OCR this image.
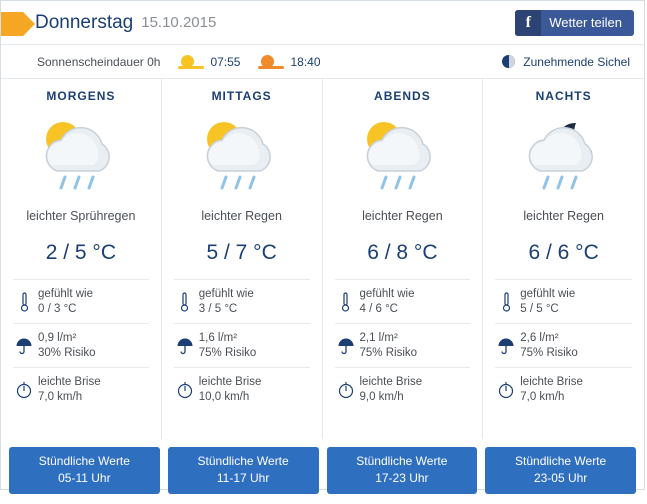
Donnerstag 15.10.2015	f	Wetter teilen
Sonnenscheindauer 0h	07:55	18:40	Zunehmende Sichel
MORGENS
leichter Sprühregen
2 / 5 °C
gefühlt wie
0 / 3 °C
0,9 l/m²
30% Risiko
leichte Brise
7,0 km/h
MITTAGS
leichter Regen
5 / 7 °C
gefühlt wie
3 / 5 °C
1,6 l/m²
75% Risiko
leichte Brise
10,0 km/h
ABENDS
leichter Regen
6 / 8 °C
gefühlt wie
4 / 6 °C
2,1 l/m²
75% Risiko
leichte Brise
9,0 km/h
NACHTS
leichter Regen
6 / 6 °C
gefühlt wie
5 / 5 °C
2,6 l/m²
75% Risiko
leichte Brise
7,0 km/h
Stündliche Werte
05-11 Uhr
Stündliche Werte
11-17 Uhr
Stündliche Werte
17-23 Uhr
Stündliche Werte
23-05 Uhr
